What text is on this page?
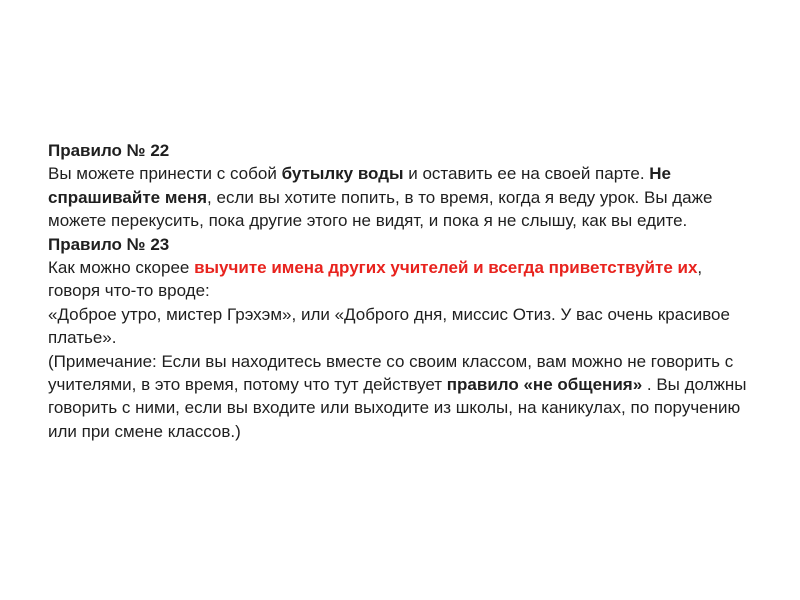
Правило № 22

Вы можете принести с собой бутылку воды и оставить ее на своей парте. Не спрашивайте меня, если вы хотите попить, в то время, когда я веду урок. Вы даже можете перекусить, пока другие этого не видят, и пока я не слышу, как вы едите.

Правило № 23

Как можно скорее выучите имена других учителей и всегда приветствуйте их, говоря что-то вроде:

«Доброе утро, мистер Грэхэм», или «Доброго дня, миссис Отиз. У вас очень красивое платье».

(Примечание: Если вы находитесь вместе со своим классом, вам можно не говорить с учителями, в это время, потому что тут действует правило «не общения» . Вы должны говорить с ними, если вы входите или выходите из школы, на каникулах, по поручению или при смене классов.)
